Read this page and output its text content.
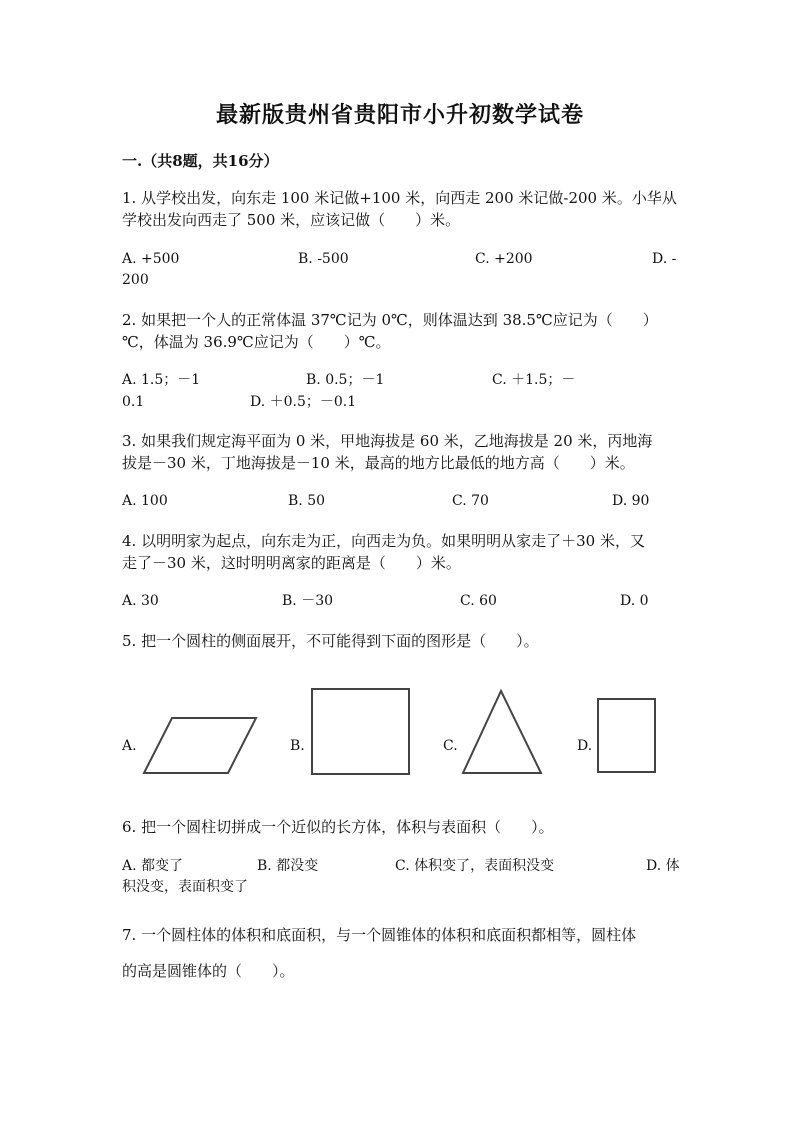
最新版贵州省贵阳市小升初数学试卷
一.（共8题，共16分）
1. 从学校出发，向东走 100 米记做+100 米，向西走 200 米记做-200 米。小华从
学校出发向西走了 500 米，应该记做（　　）米。
A. +500	B. -500	C. +200	D. -
200
2. 如果把一个人的正常体温 37℃记为 0℃，则体温达到 38.5℃应记为（　　）
℃，体温为 36.9℃应记为（　　）℃。
A. 1.5；－1	B. 0.5；－1	C. ＋1.5；－
0.1	D. ＋0.5；－0.1
3. 如果我们规定海平面为 0 米，甲地海拔是 60 米，乙地海拔是 20 米，丙地海
拔是－30 米，丁地海拔是－10 米，最高的地方比最低的地方高（　　）米。
A. 100	B. 50	C. 70	D. 90
4. 以明明家为起点，向东走为正，向西走为负。如果明明从家走了＋30 米，又
走了－30 米，这时明明离家的距离是（　　）米。
A. 30	B. －30	C. 60	D. 0
5. 把一个圆柱的侧面展开，不可能得到下面的图形是（　　）。
A.	B.	C.	D.
6. 把一个圆柱切拼成一个近似的长方体，体积与表面积（　　）。
A. 都变了	B. 都没变	C. 体积变了，表面积没变	D. 体
积没变，表面积变了
7. 一个圆柱体的体积和底面积，与一个圆锥体的体积和底面积都相等，圆柱体
的高是圆锥体的（　　）。
